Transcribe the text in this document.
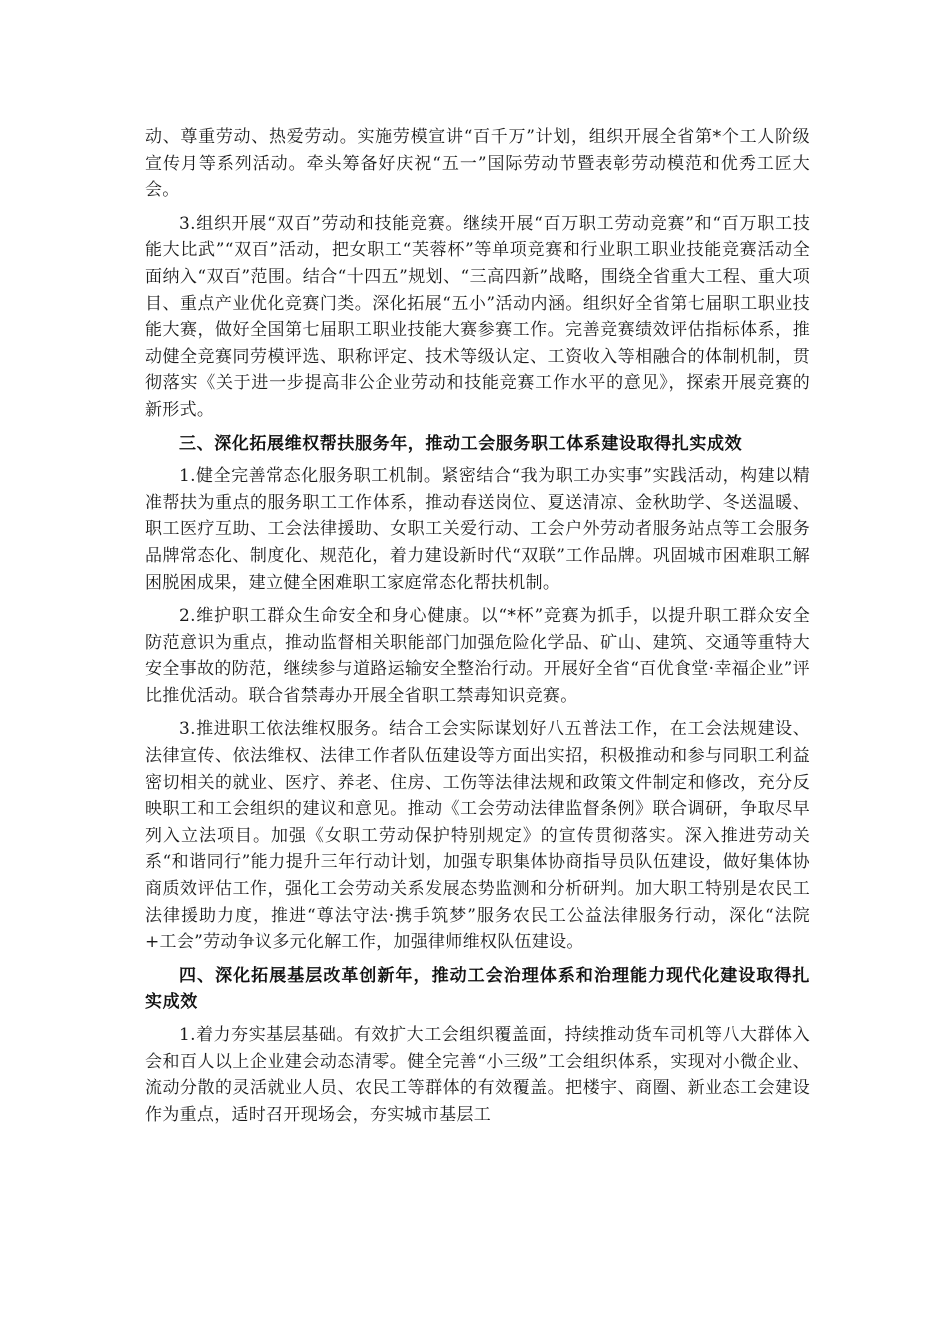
动、尊重劳动、热爱劳动。实施劳模宣讲“百千万”计划，组织开展全省第*个工人阶级宣传月等系列活动。牵头筹备好庆祝“五一”国际劳动节暨表彰劳动模范和优秀工匠大会。

3.组织开展“双百”劳动和技能竞赛。继续开展“百万职工劳动竞赛”和“百万职工技能大比武”“双百”活动，把女职工“芙蓉杯”等单项竞赛和行业职工职业技能竞赛活动全面纳入“双百”范围。结合“十四五”规划、“三高四新”战略，围绕全省重大工程、重大项目、重点产业优化竞赛门类。深化拓展“五小”活动内涵。组织好全省第七届职工职业技能大赛，做好全国第七届职工职业技能大赛参赛工作。完善竞赛绩效评估指标体系，推动健全竞赛同劳模评选、职称评定、技术等级认定、工资收入等相融合的体制机制，贯彻落实《关于进一步提高非公企业劳动和技能竞赛工作水平的意见》，探索开展竞赛的新形式。

三、深化拓展维权帮扶服务年，推动工会服务职工体系建设取得扎实成效

1.健全完善常态化服务职工机制。紧密结合“我为职工办实事”实践活动，构建以精准帮扶为重点的服务职工工作体系，推动春送岗位、夏送清凉、金秋助学、冬送温暖、职工医疗互助、工会法律援助、女职工关爱行动、工会户外劳动者服务站点等工会服务品牌常态化、制度化、规范化，着力建设新时代“双联”工作品牌。巩固城市困难职工解困脱困成果，建立健全困难职工家庭常态化帮扶机制。

2.维护职工群众生命安全和身心健康。以“*杯”竞赛为抓手，以提升职工群众安全防范意识为重点，推动监督相关职能部门加强危险化学品、矿山、建筑、交通等重特大安全事故的防范，继续参与道路运输安全整治行动。开展好全省“百优食堂·幸福企业”评比推优活动。联合省禁毒办开展全省职工禁毒知识竞赛。

3.推进职工依法维权服务。结合工会实际谋划好八五普法工作，在工会法规建设、法律宣传、依法维权、法律工作者队伍建设等方面出实招，积极推动和参与同职工利益密切相关的就业、医疗、养老、住房、工伤等法律法规和政策文件制定和修改，充分反映职工和工会组织的建议和意见。推动《工会劳动法律监督条例》联合调研，争取尽早列入立法项目。加强《女职工劳动保护特别规定》的宣传贯彻落实。深入推进劳动关系“和谐同行”能力提升三年行动计划，加强专职集体协商指导员队伍建设，做好集体协商质效评估工作，强化工会劳动关系发展态势监测和分析研判。加大职工特别是农民工法律援助力度，推进“尊法守法·携手筑梦”服务农民工公益法律服务行动，深化“法院+工会”劳动争议多元化解工作，加强律师维权队伍建设。

四、深化拓展基层改革创新年，推动工会治理体系和治理能力现代化建设取得扎实成效

1.着力夯实基层基础。有效扩大工会组织覆盖面，持续推动货车司机等八大群体入会和百人以上企业建会动态清零。健全完善“小三级”工会组织体系，实现对小微企业、流动分散的灵活就业人员、农民工等群体的有效覆盖。把楼宇、商圈、新业态工会建设作为重点，适时召开现场会，夯实城市基层工
